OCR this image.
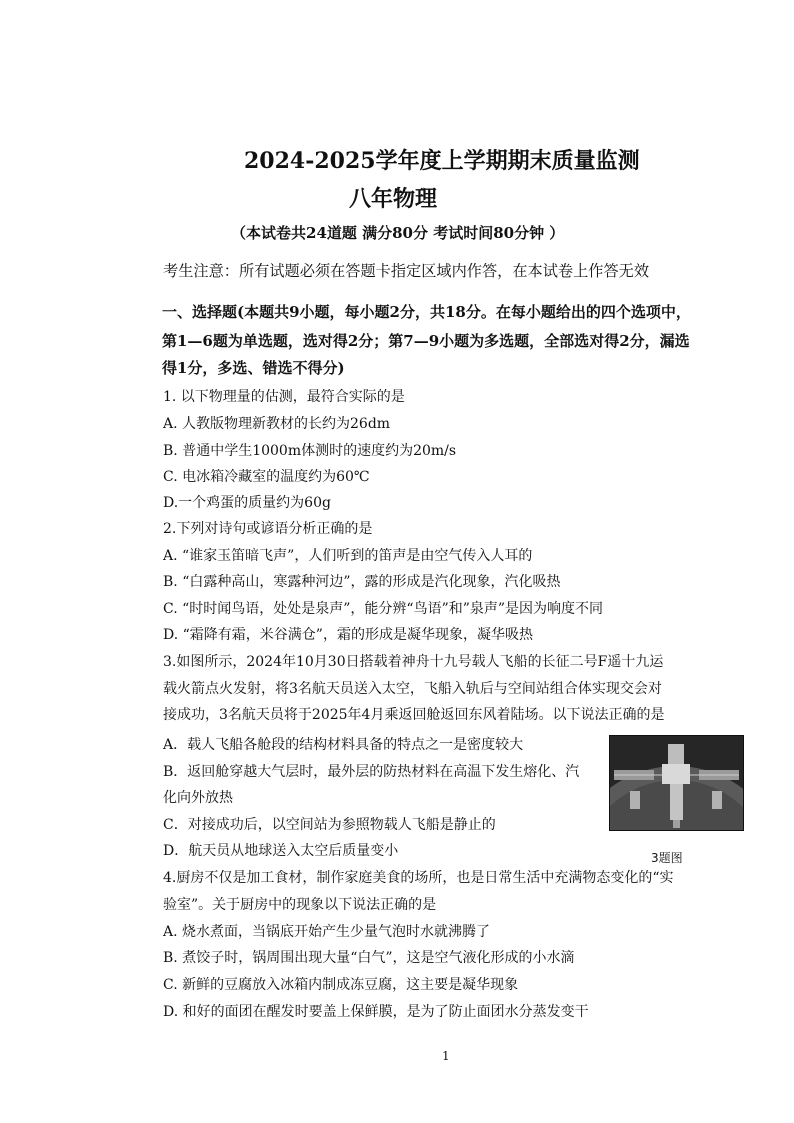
2024-2025学年度上学期期末质量监测
八年物理
（本试卷共24道题 满分80分 考试时间80分钟 ）
考生注意：所有试题必须在答题卡指定区域内作答，在本试卷上作答无效
一、选择题(本题共9小题，每小题2分，共18分。在每小题给出的四个选项中，
第1—6题为单选题，选对得2分；第7—9小题为多选题，全部选对得2分，漏选
得1分，多选、错选不得分)
1. 以下物理量的估测，最符合实际的是
A. 人教版物理新教材的长约为26dm
B. 普通中学生1000m体测时的速度约为20m/s
C. 电冰箱冷藏室的温度约为60℃
D.一个鸡蛋的质量约为60g
2.下列对诗句或谚语分析正确的是
A. “谁家玉笛暗飞声”，人们听到的笛声是由空气传入人耳的
B. “白露种高山，寒露种河边”，露的形成是汽化现象，汽化吸热
C. “时时闻鸟语，处处是泉声”，能分辨“鸟语”和”泉声”是因为响度不同
D. “霜降有霜，米谷满仓”，霜的形成是凝华现象，凝华吸热
3.如图所示，2024年10月30日搭载着神舟十九号载人飞船的长征二号F遥十九运
载火箭点火发射，将3名航天员送入太空，飞船入轨后与空间站组合体实现交会对
接成功，3名航天员将于2025年4月乘返回舱返回东风着陆场。以下说法正确的是
A．载人飞船各舱段的结构材料具备的特点之一是密度较大
B．返回舱穿越大气层时，最外层的防热材料在高温下发生熔化、汽
化向外放热
C．对接成功后，以空间站为参照物载人飞船是静止的
D．航天员从地球送入太空后质量变小	3题图
4.厨房不仅是加工食材，制作家庭美食的场所，也是日常生活中充满物态变化的“实
验室”。关于厨房中的现象以下说法正确的是
A. 烧水煮面，当锅底开始产生少量气泡时水就沸腾了
B. 煮饺子时，锅周围出现大量“白气”，这是空气液化形成的小水滴
C. 新鲜的豆腐放入冰箱内制成冻豆腐，这主要是凝华现象
D. 和好的面团在醒发时要盖上保鲜膜，是为了防止面团水分蒸发变干
1
